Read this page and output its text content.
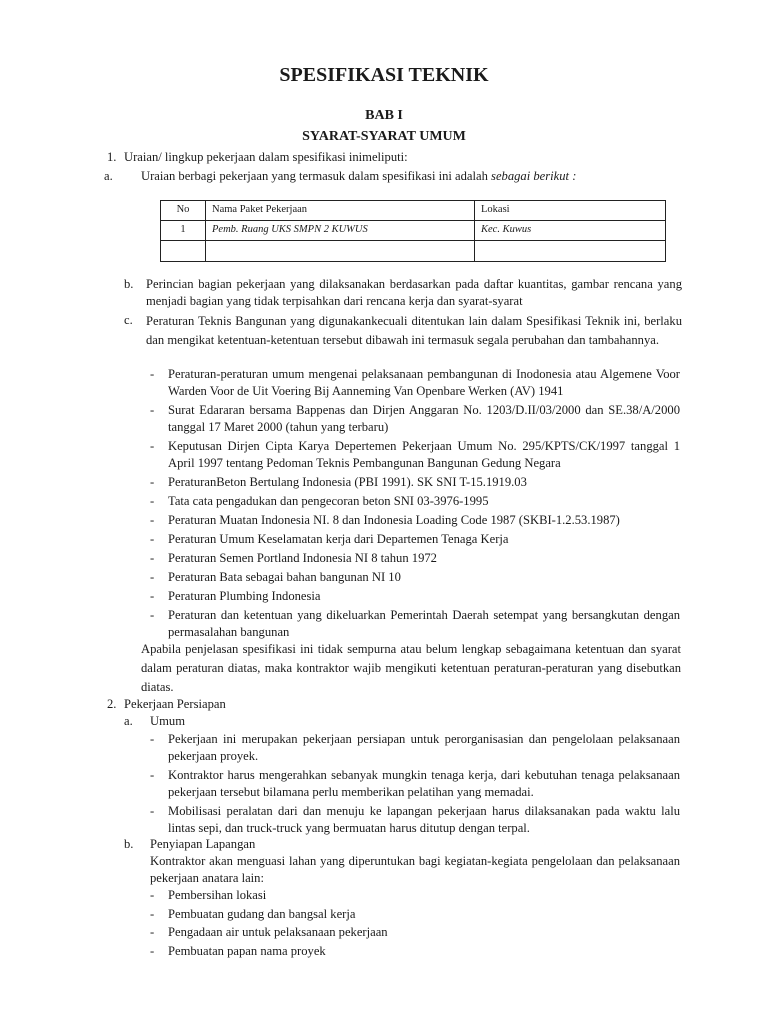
SPESIFIKASI TEKNIK
BAB I
SYARAT-SYARAT UMUM
1. Uraian/ lingkup pekerjaan dalam spesifikasi inimeliputi:
a. Uraian berbagi pekerjaan yang termasuk dalam spesifikasi ini adalah sebagai berikut :
No	Nama Paket Pekerjaan	Lokasi
1	Pemb. Ruang UKS SMPN 2 KUWUS	Kec. Kuwus

b. Perincian bagian pekerjaan yang dilaksanakan berdasarkan pada daftar kuantitas, gambar rencana yang menjadi bagian yang tidak terpisahkan dari rencana kerja dan syarat-syarat
c. Peraturan Teknis Bangunan yang digunakankecuali ditentukan lain dalam Spesifikasi Teknik ini, berlaku dan mengikat ketentuan-ketentuan tersebut dibawah ini termasuk segala perubahan dan tambahannya.
- Peraturan-peraturan umum mengenai pelaksanaan pembangunan di Inodonesia atau Algemene Voor Warden Voor de Uit Voering Bij Aanneming Van Openbare Werken (AV) 1941
- Surat Edararan bersama Bappenas dan Dirjen Anggaran No. 1203/D.II/03/2000 dan SE.38/A/2000 tanggal 17 Maret 2000 (tahun yang terbaru)
- Keputusan Dirjen Cipta Karya Depertemen Pekerjaan Umum No. 295/KPTS/CK/1997 tanggal 1 April 1997 tentang Pedoman Teknis Pembangunan Bangunan Gedung Negara
- PeraturanBeton Bertulang Indonesia (PBI 1991). SK SNI T-15.1919.03
- Tata cata pengadukan dan pengecoran beton SNI 03-3976-1995
- Peraturan Muatan Indonesia NI. 8 dan Indonesia Loading Code 1987 (SKBI-1.2.53.1987)
- Peraturan Umum Keselamatan kerja dari Departemen Tenaga Kerja
- Peraturan Semen Portland Indonesia NI 8 tahun 1972
- Peraturan Bata sebagai bahan bangunan NI 10
- Peraturan Plumbing Indonesia
- Peraturan dan ketentuan yang dikeluarkan Pemerintah Daerah setempat yang bersangkutan dengan permasalahan bangunan
Apabila penjelasan spesifikasi ini tidak sempurna atau belum lengkap sebagaimana ketentuan dan syarat dalam peraturan diatas, maka kontraktor wajib mengikuti ketentuan peraturan-peraturan yang disebutkan diatas.
2. Pekerjaan Persiapan
a. Umum
- Pekerjaan ini merupakan pekerjaan persiapan untuk perorganisasian dan pengelolaan pelaksanaan pekerjaan proyek.
- Kontraktor harus mengerahkan sebanyak mungkin tenaga kerja, dari kebutuhan tenaga pelaksanaan pekerjaan tersebut bilamana perlu memberikan pelatihan yang memadai.
- Mobilisasi peralatan dari dan menuju ke lapangan pekerjaan harus dilaksanakan pada waktu lalu lintas sepi, dan truck-truck yang bermuatan harus ditutup dengan terpal.
b. Penyiapan Lapangan
Kontraktor akan menguasi lahan yang diperuntukan bagi kegiatan-kegiata pengelolaan dan pelaksanaan pekerjaan anatara lain:
- Pembersihan lokasi
- Pembuatan gudang dan bangsal kerja
- Pengadaan air untuk pelaksanaan pekerjaan
- Pembuatan papan nama proyek
